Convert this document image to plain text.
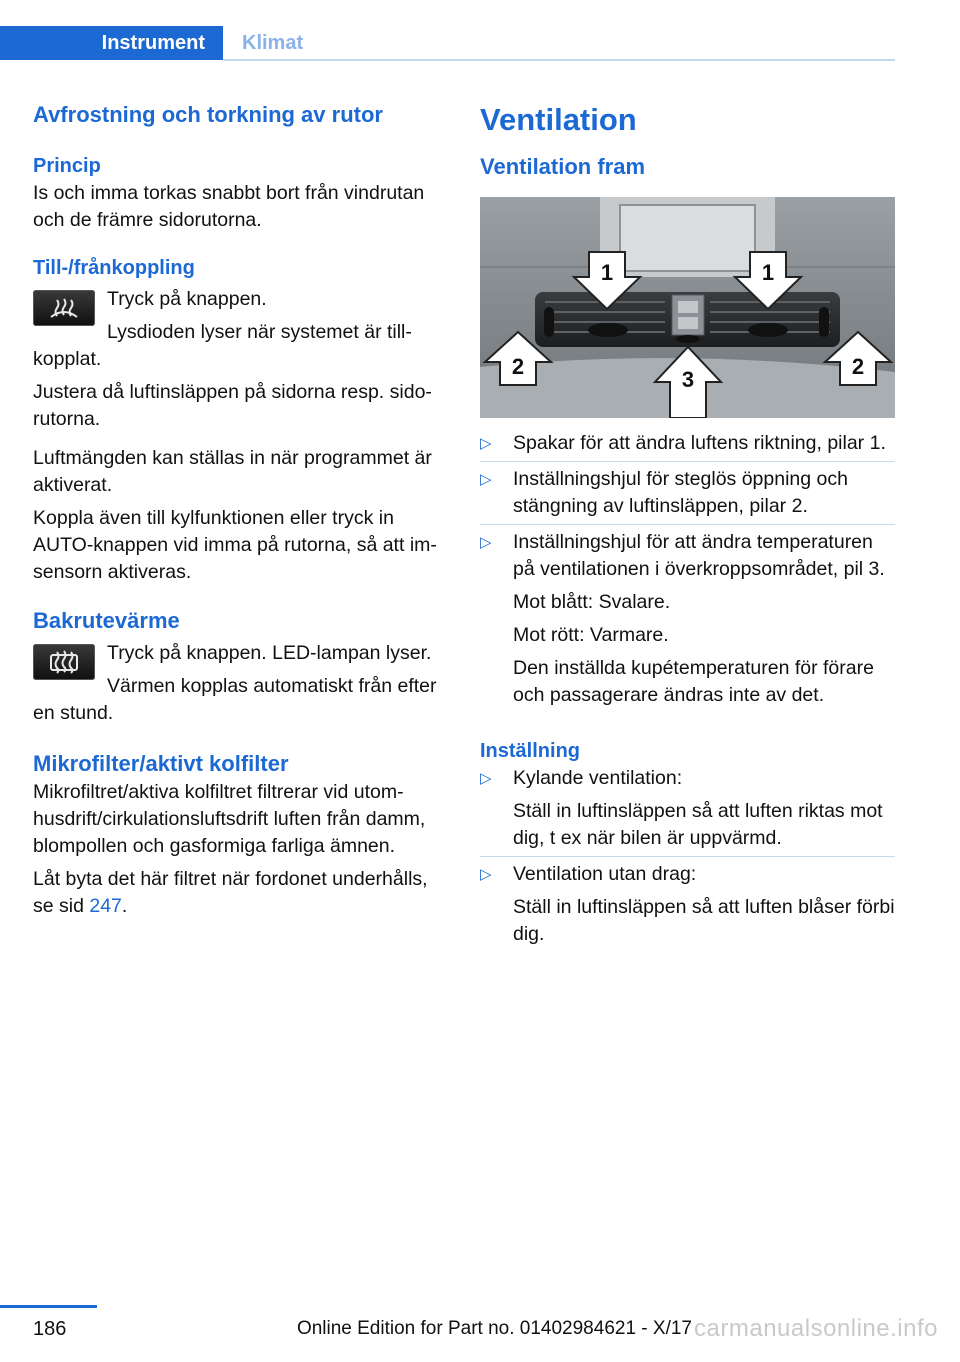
Instrument	Klimat
Avfrostning och torkning av rutor
Princip

Is och imma torkas snabbt bort från vindrutan och de främre sidorutorna.

Till-/frånkoppling

Tryck på knappen.

Lysdioden lyser när systemet är till-kopplat.

Justera då luftinsläppen på sidorna resp. sido-rutorna.

Luftmängden kan ställas in när programmet är aktiverat.

Koppla även till kylfunktionen eller tryck in AUTO-knappen vid imma på rutorna, så att im-sensorn aktiveras.

Bakrutevärme

Tryck på knappen. LED-lampan lyser.

Värmen kopplas automatiskt från efter en stund.

Mikrofilter/aktivt kolfilter

Mikrofiltret/aktiva kolfiltret filtrerar vid utom-husdrift/cirkulationsluftsdrift luften från damm, blompollen och gasformiga farliga ämnen.

Låt byta det här filtret när fordonet underhålls, se sid 247.

Ventilation
Ventilation fram
1	1
2
3
2
▷ Spakar för att ändra luftens riktning, pilar 1.
▷ Inställningshjul för steglös öppning och stängning av luftinsläppen, pilar 2.
▷ Inställningshjul för att ändra temperaturen på ventilationen i överkroppsområdet, pil 3.
Mot blått: Svalare.
Mot rött: Varmare.
Den inställda kupétemperaturen för förare och passagerare ändras inte av det.
Inställning
▷ Kylande ventilation:
Ställ in luftinsläppen så att luften riktas mot dig, t ex när bilen är uppvärmd.
▷ Ventilation utan drag:
Ställ in luftinsläppen så att luften blåser förbi dig.
186	Online Edition for Part no. 01402984621 - X/17 carmanualsonline.info
